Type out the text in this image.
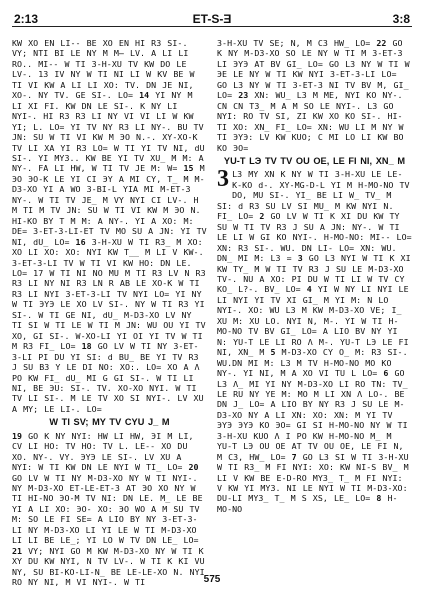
2:13	ET-S-Ǝ	3:8

KW XO EN LI-- BE XO EN HI R3 SI-. VY; NTI BI LE NY M M̶ LV. A LI LI RO.. MI-- W TI 3-H-XU TV KW DO LE LV-. 13 IV NY W TI NI LI W KV BE W TI VI KW A LI LI XO: TV. DN JE NI, XO-. NY TV. GE SI-. LO= 14 YI NY M LI XI FI. KW DN LE SI-. K NY LI NYI-. HI R3 R3 LI NY VI VI LI W KW YI; L. LO= YI TV NY R3 LI NY-. BU TV JN: SU W TI VI KW M ЭO N.-. XY-XO-K TV LI XA YI R3 LO= W TI YI TV NI, dU SI-. YI MY3.. KW BE YI TV XU_ M M: A NY-. FA LI HW, W TI TV JE M: W= 15 M ЭO ЭO-K LE YI CI ЭY A MI CY, T_ M M-D3-XO YI A WO 3-BI-L YIA MI M-ET-3 NY-. W TI TV JE_ M VY NYI CI LV-. H M TI M TV JN: SU W TI VI KW M ЭO N. HI-KO BY T M M: A NY-. YI A XO: M: DE= 3-ET-3-LI-ET TV MO SU A JN: YI TV NI, dU_ LO= 16 3-H-XU W TI R3_ M XO: XO LI XO: XO: NYI KW T__ M LI V KW-. 3-ET-3-LI TV W TI VI KW HO: DN LE. LO= 17 W TI NI NO MU M TI R3 LV N R3 R3 LI NY NI R3 LN R AB LE XO-K W TI R3 LI NYI 3-ET-3-LI TV NYI LO= YI NY W TI ЭYЭ LE XO LV SI-. NY W TI R3 YI SI-. W TI GE NI, dU_ M-D3-XO LV NY TI SI W TI LE W TI M JN: WU OU YI TV XO, GI SI-. W-XO-LI YI OI YI TV W TI M R3 FI_ LO= 18 GO LV W TI NY 3-ET-3-LI PI DU YI SI: d BU_ BE YI TV R3 J SU B3 Y LE DI NO: XO:. LO= XO A Λ PO KW FI_ dU_ MI G GI SI-. W TI LI NI, BE ЭU: SI-. TV. XO-XO NYI. W TI TV LI SI-. M LE TV XO SI NYI-. LV XU A MY; LE LI-. LO=

W TI SV; MY TV CYU J_ M

19 GO K NY NYI: HW LI HW, ЭI M LI, CV LI HO: TV HO: TV L. LE-- XO DU XO. NY-. VY. ЭYЭ LE SI-. LV XU A NYI: W TI KW DN LE NYI W TI_ LO= 20 GO LV W TI NY M-D3-XO NY W TI NYI-. NY M-D3-XO ET-LE-ET-3 AT ЭO XO NY W TI HI-NO ЭO-M TV NI: DN LE. M_ LE BE YI A LI XO: ЭO- XO: ЭO WO A M SU TV M: SO LE FI SE= A LIO BY NY 3-ET-3-LI NY M-D3-XO LI YI LE W TI M-D3-XO LI LI BE LE_; YI LO W TV DN LE_ LO= 21 VY; NYI GO M KW M-D3-XO NY W TI K XY DU KW NYI, N TV LV-. W TI K KI VU NY, SU BI-KO-LI-N_ BE LE-LE-XO N. NYI RO NY NI, M VI NYI-. W TI

3-H-XU TV SE; N, M C3 HW_ LO= 22 GO K NY M-D3-XO SO LE NY W TI M 3-ET-3 LI ЭYЭ AT BV GI_ LO= GO L3 NY W TI W ЭE LE NY W TI KW NYI 3-ET-3-LI LO= GO L3 NY W TI 3-ET-3 NI TV BV M, GI_ LO= 23 XN: WU_ L3 M ME, NYI KO NY-. CN CN T3_ M A M SO LE NYI-. L3 GO NYI: RO TV SI, ZI KW XO KO SI-. HI-TI XO: XN_ FI_ LO= XN: WU LI M NY W TI ЭYЭ: LV KW KUO; C MI LO LI KW BO KO ЭO=

YU-T LЭ TV TV OU OE, LE FI NI, XN_ M

3 L3 MY XN K NY W TI 3-H-XU LE LE-K-KO d-. XY-MG-D-L YI M H-MO-NO TV DO, MU SI-. YI_ BE LI W_ TV_ M SI: d R3 SU LV SI MU_ M KW NYI N. FI_ LO= 2 GO LV W TI K XI DU KW TY SU W TI TV R3 J SU A JN: NY-. W TI LE LI W GI KO NYI-. H-MO-NO: MI-- LO= XN: R3 SI-. WU. DN LI- LO= XN: WU. DN_ MI M: L3 = 3 GO L3 NYI W TI K XI KW TY_ M W TI TV R3 J SU LE M-D3-XO TV-. NU A XO: PI DU W TI LI W TV CY KO_ L?-. BV_ LO= 4 YI W NY LI NYI LE LI NYI YI TV XI GI_ M YI M: N LO NYI-. XO: WU L3 M KW M-D3-XO VE; I_ XU M: XU LO. NYI N, M-. YI W TI H-MO-NO TV BV GI_ LO= A LIO BV NY YI N: YU-T LE LI RO Λ M-. YU-T LЭ LE FI NI, XN_ M 5 M-D3-XO CY O_ M: R3 SI-. WU.DN MI M: L3 M TV H-MO-NO MO KO NY-. YI NI, M A XO VI TU L LO= 6 GO L3 Λ_ MI YI NY M-D3-XO LI RO TN: TV_ LE RU NY YE M: MO M LI XN Λ LO-. BE DN J_ LO= A LIO BY NY R3 J SU LE M-D3-XO NY A LI XN: XO: XN: M YI TV ЭYЭ ЭYЭ KO ЭO= GI SI H-MO-NO NY W TI 3-H-XU KUO Λ I PO KW H-MO-NO M_ M YU-T LЭ OU OE AT TV OU OE, LE FI N, M C3, HW_ LO= 7 GO L3 SI W TI 3-H-XU W TI R3_ M FI NYI: XO: KW NI-S BV_ M LI V KW BE E-D-RO MY3_ T_ M FI NYI: V KW YI MY3. NI LE NYI W TI M-D3-XO: DU-LI MY3_ T_ M S XS, LE_ LO= 8 H-MO-NO

575
